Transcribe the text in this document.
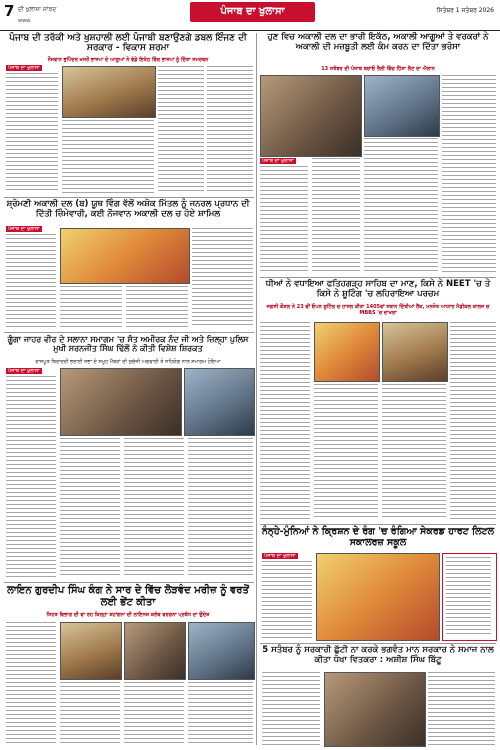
7 ਦੀ ਖੁਲਾਸਾ ਸਾਂਝਦ
www.
ਪੰਜਾਬ ਦਾ ਖੁਲਾਸਾ	ਸਿਤੰਬਰ 1 ਸਤੰਬਰ 2026
ਪੰਜਾਬ ਦੀ ਤਰੱਕੀ ਅਤੇ ਖੁਸ਼ਹਾਲੀ ਲਈ ਪੰਜਾਬੀ ਬਣਾਉਣਗੇ ਡਬਲ ਇੰਜਣ ਦੀ ਸਰਕਾਰ - ਵਿਕਾਸ ਸ਼ਰਮਾ
ਨੌਜਵਾਨ ਭੁਪਿੰਦਰ ਖਸਰੋਂ ਭਾਜਪਾ ਦੇ ਆਗੂਆਂ ਨੇ ਵੱਡੇ ਇਕੱਠ ਵਿੱਚ ਭਾਜਪਾ ਨੂੰ ਦਿੱਤਾ ਸਮਰਥਨ
ਪੰਜਾਬ ਦਾ ਖੁਲਾਸਾ
ਹੁਣ ਵਿਚ ਅਕਾਲੀ ਦਲ ਦਾ ਭਾਰੀ ਇਕੱਠ, ਅਕਾਲੀ ਆਗੂਆਂ ਤੇ ਵਰਕਰਾਂ ਨੇ ਅਕਾਲੀ ਦੀ ਮਜ਼ਬੂਤੀ ਲਈ ਕੰਮ ਕਰਨ ਦਾ ਦਿੱਤਾ ਭਰੋਸਾ
13 ਸਤੰਬਰ ਦੀ ਪੰਜਾਬ ਬਚਾਓ ਰੈਲੀ ਵਿੱਚ ਹਿੱਸਾ ਲੈਣ ਦਾ ਐਲਾਨ
ਪੰਜਾਬ ਦਾ ਖੁਲਾਸਾ
ਸ਼੍ਰੋਮਣੀ ਅਕਾਲੀ ਦਲ (ਬ) ਯੂਥ ਵਿੰਗ ਵੱਲੋਂ ਅਸ਼ੋਕ ਮਿੱਤਲ ਨੂੰ ਜਨਰਲ ਪ੍ਰਧਾਨ ਦੀ ਦਿੱਤੀ ਜ਼ਿੰਮੇਵਾਰੀ, ਕਈ ਨੌਜਵਾਨ ਅਕਾਲੀ ਦਲ ਚ ਹੋਏ ਸ਼ਾਮਿਲ
ਪੰਜਾਬ ਦਾ ਖੁਲਾਸਾ
ਗੂੰਗਾ ਜਾਹਰ ਵੀਰ ਦੇ ਸਲਾਨਾ ਸਮਾਗਮ 'ਚ ਸੰਤ ਅਮੀਰਕ ਨੰਦ ਜੀ ਅਤੇ ਜ਼ਿਲ੍ਹਾ ਪੁਲਿਸ ਮੁਖੀ ਸਰਨਜੀਤ ਸਿੰਘ ਢਿੱਲੋਂ ਨੇ ਕੀਤੀ ਵਿਸ਼ੇਸ਼ ਸ਼ਿਰਕਤ
ਰਾਜਪੂਤ ਬਿਰਾਦਰੀ ਭਲਾਈ ਸਭਾ ਦੇ ਸਮੂਹ ਮੈਂਬਰਾਂ ਦੀ ਸੁਚੱਜੀ ਅਗਵਾਈ ਤੇ ਸਹਿਯੋਗ ਨਾਲ ਸਮਾਗਮ ਹੋਇਆ
ਪੰਜਾਬ ਦਾ ਖੁਲਾਸਾ
ਲਾਇਨ ਗੁਰਦੀਪ ਸਿੰਘ ਕੰਗ ਨੇ ਸਾਰ ਦੇ ਵਿੱਚ ਲੋੜਵੰਦ ਮਰੀਜ਼ ਨੂੰ ਵਰਤੋਂ ਲਈ ਭੇਂਟ ਕੀਤਾ
ਸਿਹਤ ਵਿਭਾਗ ਦੀ ਵਾ ਰਹ ਕਿਲ੍ਹਾ ਸ਼ਹਾਂਗਨਾ ਦੀ ਲਾਇਨਜ਼ ਕਲੱਬ ਵਰਗਨਾ ਪ੍ਰਬੰਧ ਦਾ ਉਦੇਸ਼
ਧੀਆਂ ਨੇ ਵਧਾਇਆ ਫਤਿਹਗੜ੍ਹ ਸਾਹਿਬ ਦਾ ਮਾਣ, ਕਿਸੇ ਨੇ NEET 'ਚ ਤੇ ਕਿਸੇ ਨੇ ਸ਼ੂਟਿੰਗ 'ਚ ਲਹਿਰਾਇਆ ਪਰਚਮ
ਜਗਸੀ ਕੌਸ਼ਲ ਨੇ 23 ਵੀਂ ਓਪਨ ਸ਼ੂਟਿੰਗ ਚ ਹਾਸਲ ਕੀਤਾ 1405ਵਾਂ ਸਥਾਨ ਦਿੱਤੀਆਂ ਰੈਂਕ, ਮਨਜੋਤ ਆਯਾਰ ਮੈਡੀਕਲ ਕਾਲਜ ਚ MBBS 'ਚ ਦਾਖਲਾ
ਨੰਨ੍ਹੇ-ਮੁੰਨਿਆਂ ਨੇ ਕ੍ਰਿਸ਼ਨ ਦੇ ਰੰਗ 'ਚ ਰੰਗਿਆ ਸੇਕਰਡ ਹਾਰਟ ਲਿਟਲ ਸਕਾਲਰਜ਼ ਸਕੂਲ
ਪੰਜਾਬ ਦਾ ਖੁਲਾਸਾ
5 ਸਤੰਬਰ ਨੂੰ ਸਰਕਾਰੀ ਛੁੱਟੀ ਨਾ ਕਰਕੇ ਭਗਵੰਤ ਮਾਨ ਸਰਕਾਰ ਨੇ ਸਮਾਜ ਨਾਲ ਕੀਤਾ ਧੋਖਾ ਵਿਤਕਰਾ : ਅਸ਼ੀਸ਼ ਸਿੰਘ ਬਿੱਟੂ
